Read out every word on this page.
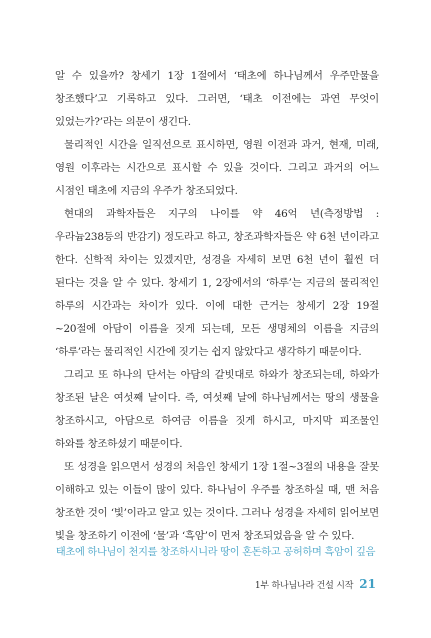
알 수 있을까? 창세기 1장 1절에서 ‘태초에 하나님께서 우주만물을 창조했다’고 기록하고 있다. 그러면, ‘태초 이전에는 과연 무엇이 있었는가?’라는 의문이 생긴다.

물리적인 시간을 일직선으로 표시하면, 영원 이전과 과거, 현재, 미래, 영원 이후라는 시간으로 표시할 수 있을 것이다. 그리고 과거의 어느 시점인 태초에 지금의 우주가 창조되었다.

현대의 과학자들은 지구의 나이를 약 46억 년(측정방법 : 우라늄238등의 반감기) 정도라고 하고, 창조과학자들은 약 6천 년이라고 한다. 신학적 차이는 있겠지만, 성경을 자세히 보면 6천 년이 훨씬 더 된다는 것을 알 수 있다. 창세기 1, 2장에서의 ‘하루’는 지금의 물리적인 하루의 시간과는 차이가 있다. 이에 대한 근거는 창세기 2장 19절~20절에 아담이 이름을 짓게 되는데, 모든 생명체의 이름을 지금의 ‘하루’라는 물리적인 시간에 짓기는 쉽지 않았다고 생각하기 때문이다.

그리고 또 하나의 단서는 아담의 갈빗대로 하와가 창조되는데, 하와가 창조된 날은 여섯째 날이다. 즉, 여섯째 날에 하나님께서는 땅의 생물을 창조하시고, 아담으로 하여금 이름을 짓게 하시고, 마지막 피조물인 하와를 창조하셨기 때문이다.

또 성경을 읽으면서 성경의 처음인 창세기 1장 1절~3절의 내용을 잘못 이해하고 있는 이들이 많이 있다. 하나님이 우주를 창조하실 때, 맨 처음 창조한 것이 ‘빛’이라고 알고 있는 것이다. 그러나 성경을 자세히 읽어보면 빛을 창조하기 이전에 ‘물’과 ‘흑암’이 먼저 창조되었음을 알 수 있다.

태초에 하나님이 천지를 창조하시니라 땅이 혼돈하고 공허하며 흑암이 깊음
1부 하나님나라 건설 시작 21
